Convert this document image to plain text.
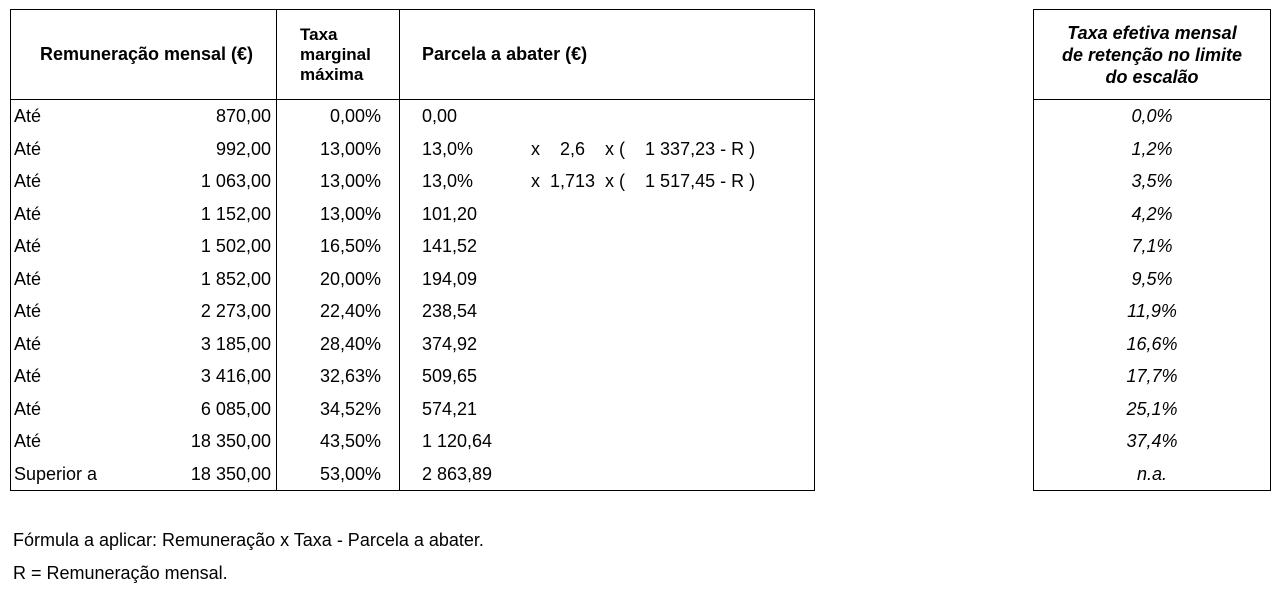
Remuneração mensal (€)
Taxa
marginal
máxima
Parcela a abater (€)
Até	870,00	0,00% 0,00
Até	992,00	13,00% 13,0%	x    2,6    x (    1 337,23 - R )
Até	1 063,00	13,00% 13,0%	x  1,713  x (    1 517,45 - R )
Até	1 152,00	13,00% 101,20
Até	1 502,00	16,50% 141,52
Até	1 852,00	20,00% 194,09
Até	2 273,00	22,40% 238,54
Até	3 185,00	28,40% 374,92
Até	3 416,00	32,63% 509,65
Até	6 085,00	34,52% 574,21
Até	18 350,00	43,50% 1 120,64
Superior a	18 350,00	53,00% 2 863,89
Taxa efetiva mensal
de retenção no limite
do escalão
0,0%
1,2%
3,5%
4,2%
7,1%
9,5%
11,9%
16,6%
17,7%
25,1%
37,4%
n.a.
Fórmula a aplicar: Remuneração x Taxa - Parcela a abater.
R = Remuneração mensal.
